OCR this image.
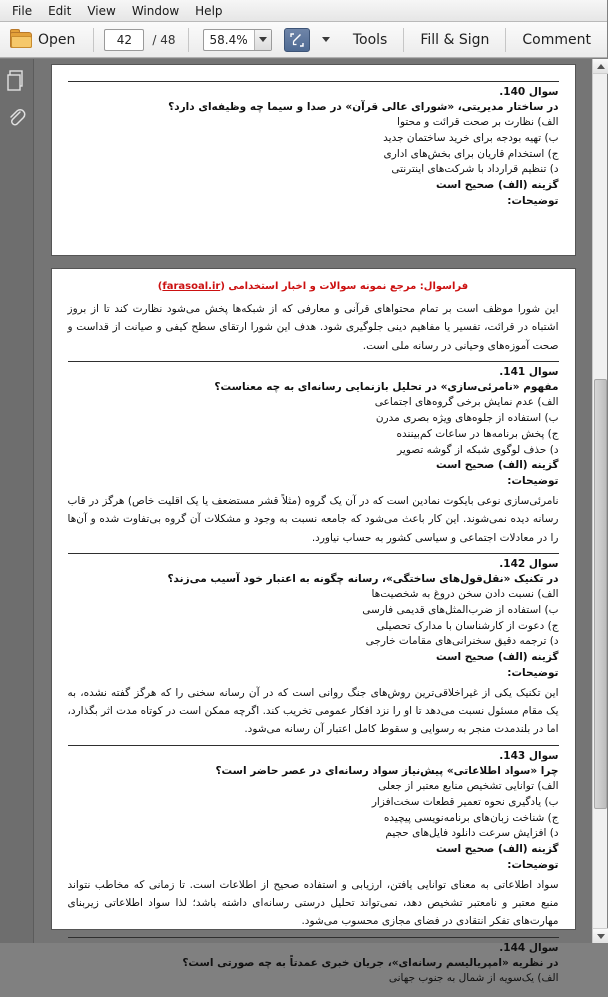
File	Edit	View	Window	Help
Open	42	/ 48	58.4%	Tools	Fill & Sign	Comment
سوال 140.
در ساختار مدیریتی، «شورای عالی قرآن» در صدا و سیما چه وظیفه‌ای دارد؟
الف) نظارت بر صحت قرائت و محتوا
ب) تهیه بودجه برای خرید ساختمان جدید
ج) استخدام قاریان برای بخش‌های اداری
د) تنظیم قرارداد با شرکت‌های اینترنتی
گزینه (الف) صحیح است
توضیحات:
فراسوال: مرجع نمونه سوالات و اخبار استخدامی (farasoal.ir)
این شورا موظف است بر تمام محتواهای قرآنی و معارفی که از شبکه‌ها پخش می‌شود نظارت کند تا از بروز اشتباه در قرائت، تفسیر یا مفاهیم دینی جلوگیری شود. هدف این شورا ارتقای سطح کیفی و صیانت از قداست و صحت آموزه‌های وحیانی در رسانه ملی است.
سوال 141.
مفهوم «نامرئی‌سازی» در تحلیل بازنمایی رسانه‌ای به چه معناست؟
الف) عدم نمایش برخی گروه‌های اجتماعی
ب) استفاده از جلوه‌های ویژه بصری مدرن
ج) پخش برنامه‌ها در ساعات کم‌بیننده
د) حذف لوگوی شبکه از گوشه تصویر
گزینه (الف) صحیح است
توضیحات:
نامرئی‌سازی نوعی بایکوت نمادین است که در آن یک گروه (مثلاً قشر مستضعف یا یک اقلیت خاص) هرگز در قاب رسانه دیده نمی‌شوند. این کار باعث می‌شود که جامعه نسبت به وجود و مشکلات آن گروه بی‌تفاوت شده و آن‌ها را در معادلات اجتماعی و سیاسی کشور به حساب نیاورد.
سوال 142.
در تکنیک «نقل‌قول‌های ساختگی»، رسانه چگونه به اعتبار خود آسیب می‌زند؟
الف) نسبت دادن سخن دروغ به شخصیت‌ها
ب) استفاده از ضرب‌المثل‌های قدیمی فارسی
ج) دعوت از کارشناسان با مدارک تحصیلی
د) ترجمه دقیق سخنرانی‌های مقامات خارجی
گزینه (الف) صحیح است
توضیحات:
این تکنیک یکی از غیراخلاقی‌ترین روش‌های جنگ روانی است که در آن رسانه سخنی را که هرگز گفته نشده، به یک مقام مسئول نسبت می‌دهد تا او را نزد افکار عمومی تخریب کند. اگرچه ممکن است در کوتاه مدت اثر بگذارد، اما در بلندمدت منجر به رسوایی و سقوط کامل اعتبار آن رسانه می‌شود.
سوال 143.
چرا «سواد اطلاعاتی» پیش‌نیاز سواد رسانه‌ای در عصر حاضر است؟
الف) توانایی تشخیص منابع معتبر از جعلی
ب) یادگیری نحوه تعمیر قطعات سخت‌افزار
ج) شناخت زبان‌های برنامه‌نویسی پیچیده
د) افزایش سرعت دانلود فایل‌های حجیم
گزینه (الف) صحیح است
توضیحات:
سواد اطلاعاتی به معنای توانایی یافتن، ارزیابی و استفاده صحیح از اطلاعات است. تا زمانی که مخاطب نتواند منبع معتبر و نامعتبر تشخیص دهد، نمی‌تواند تحلیل درستی رسانه‌ای داشته باشد؛ لذا سواد اطلاعاتی زیربنای مهارت‌های تفکر انتقادی در فضای مجازی محسوب می‌شود.
سوال 144.
در نظریه «امپریالیسم رسانه‌ای»، جریان خبری عمدتاً به چه صورتی است؟
الف) یک‌سویه از شمال به جنوب جهانی
